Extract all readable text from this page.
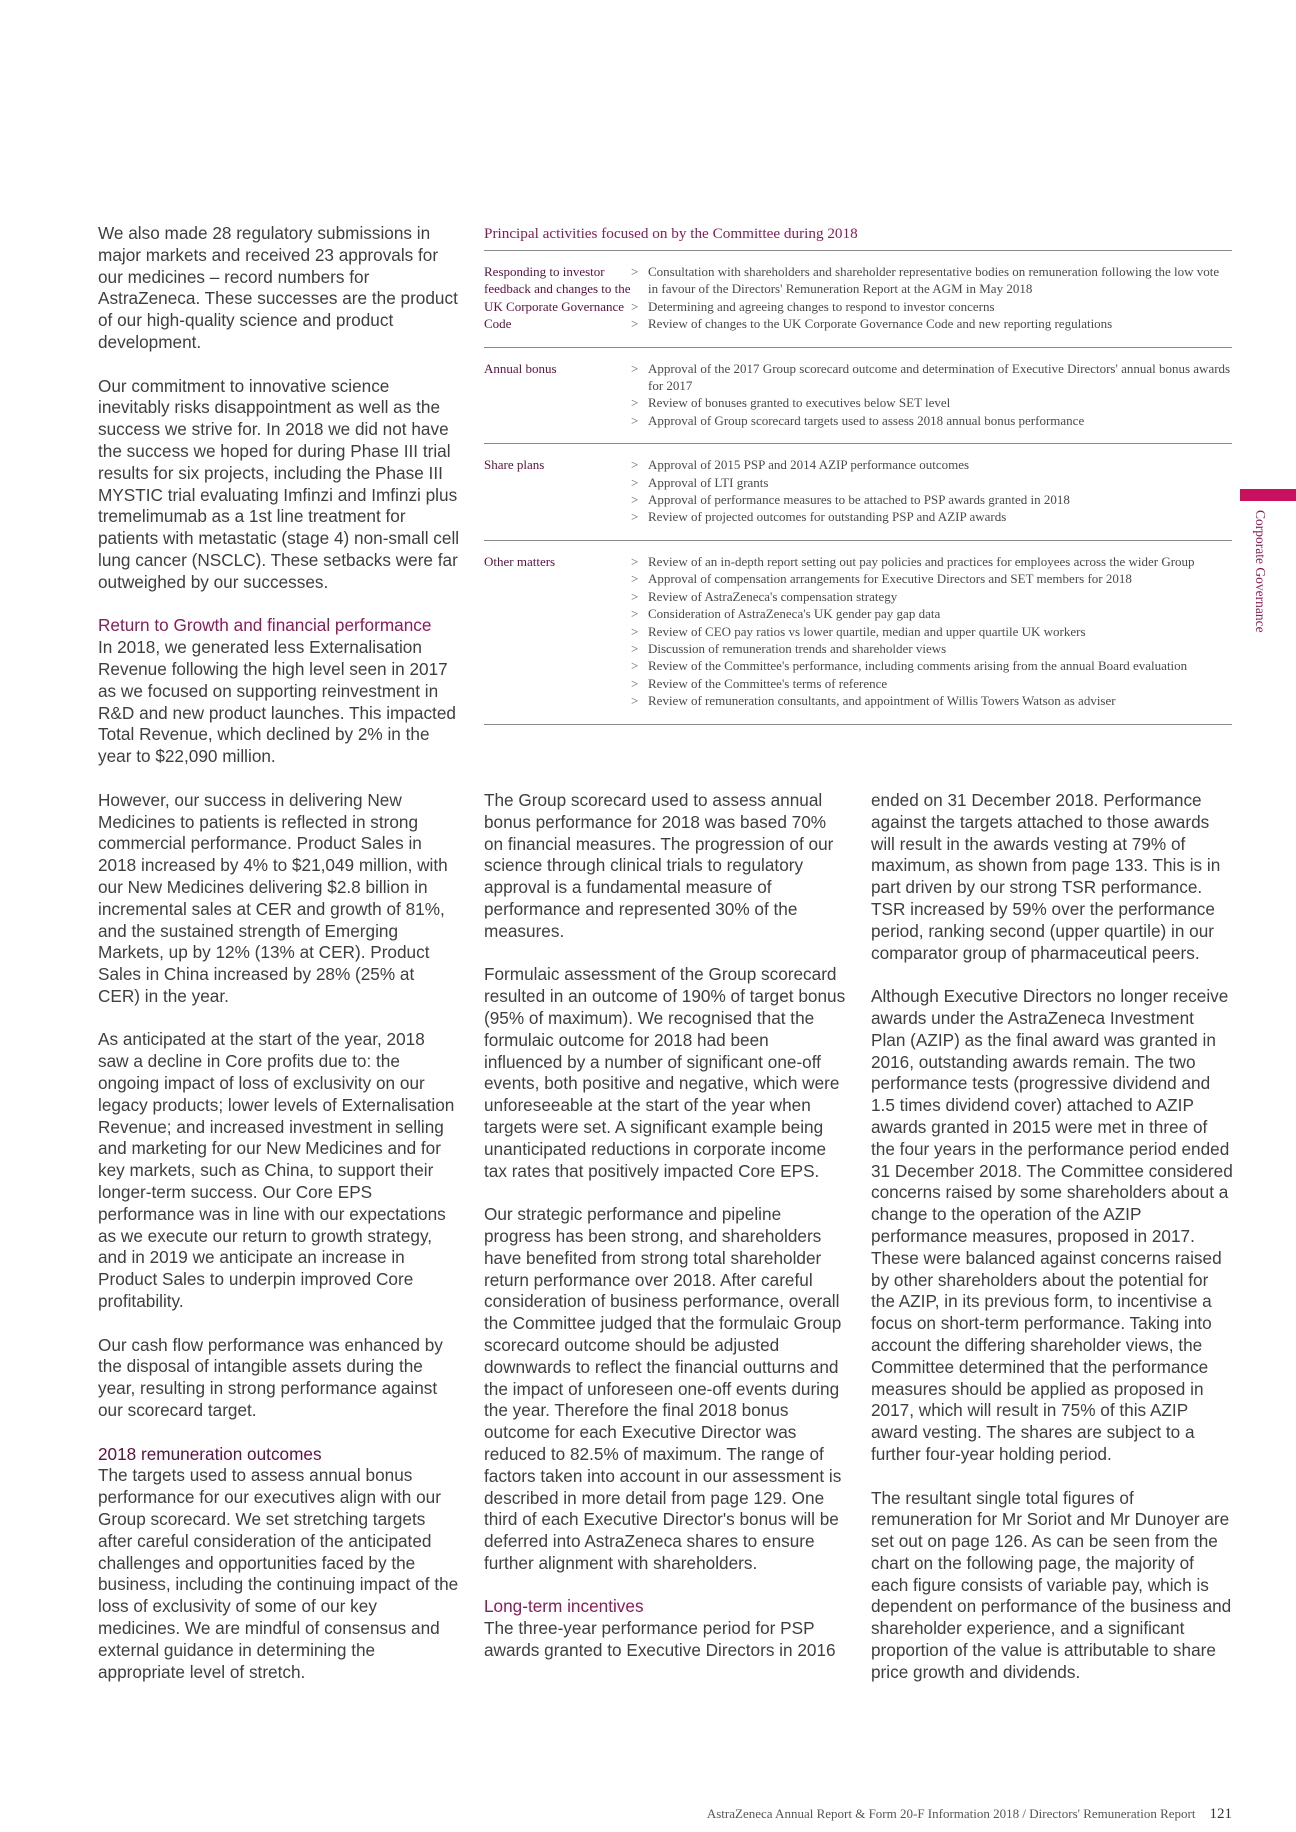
Corporate Governance

We also made 28 regulatory submissions in major markets and received 23 approvals for our medicines – record numbers for AstraZeneca. These successes are the product of our high-quality science and product development.

Our commitment to innovative science inevitably risks disappointment as well as the success we strive for. In 2018 we did not have the success we hoped for during Phase III trial results for six projects, including the Phase III MYSTIC trial evaluating Imfinzi and Imfinzi plus tremelimumab as a 1st line treatment for patients with metastatic (stage 4) non-small cell lung cancer (NSCLC). These setbacks were far outweighed by our successes.

Return to Growth and financial performance

In 2018, we generated less Externalisation Revenue following the high level seen in 2017 as we focused on supporting reinvestment in R&D and new product launches. This impacted Total Revenue, which declined by 2% in the year to $22,090 million.

However, our success in delivering New Medicines to patients is reflected in strong commercial performance. Product Sales in 2018 increased by 4% to $21,049 million, with our New Medicines delivering $2.8 billion in incremental sales at CER and growth of 81%, and the sustained strength of Emerging Markets, up by 12% (13% at CER). Product Sales in China increased by 28% (25% at CER) in the year.

As anticipated at the start of the year, 2018 saw a decline in Core profits due to: the ongoing impact of loss of exclusivity on our legacy products; lower levels of Externalisation Revenue; and increased investment in selling and marketing for our New Medicines and for key markets, such as China, to support their longer-term success. Our Core EPS performance was in line with our expectations as we execute our return to growth strategy, and in 2019 we anticipate an increase in Product Sales to underpin improved Core profitability.

Our cash flow performance was enhanced by the disposal of intangible assets during the year, resulting in strong performance against our scorecard target.

2018 remuneration outcomes

The targets used to assess annual bonus performance for our executives align with our Group scorecard. We set stretching targets after careful consideration of the anticipated challenges and opportunities faced by the business, including the continuing impact of the loss of exclusivity of some of our key medicines. We are mindful of consensus and external guidance in determining the appropriate level of stretch.

Principal activities focused on by the Committee during 2018
Responding to investor feedback and changes to the UK Corporate Governance Code
> Consultation with shareholders and shareholder representative bodies on remuneration following the low vote in favour of the Directors' Remuneration Report at the AGM in May 2018
> Determining and agreeing changes to respond to investor concerns
> Review of changes to the UK Corporate Governance Code and new reporting regulations
Annual bonus	> Approval of the 2017 Group scorecard outcome and determination of Executive Directors' annual bonus awards for 2017
> Review of bonuses granted to executives below SET level
> Approval of Group scorecard targets used to assess 2018 annual bonus performance
Share plans	> Approval of 2015 PSP and 2014 AZIP performance outcomes
> Approval of LTI grants
> Approval of performance measures to be attached to PSP awards granted in 2018
> Review of projected outcomes for outstanding PSP and AZIP awards
Other matters	> Review of an in-depth report setting out pay policies and practices for employees across the wider Group
> Approval of compensation arrangements for Executive Directors and SET members for 2018
> Review of AstraZeneca's compensation strategy
> Consideration of AstraZeneca's UK gender pay gap data
> Review of CEO pay ratios vs lower quartile, median and upper quartile UK workers
> Discussion of remuneration trends and shareholder views
> Review of the Committee's performance, including comments arising from the annual Board evaluation
> Review of the Committee's terms of reference
> Review of remuneration consultants, and appointment of Willis Towers Watson as adviser

The Group scorecard used to assess annual bonus performance for 2018 was based 70% on financial measures. The progression of our science through clinical trials to regulatory approval is a fundamental measure of performance and represented 30% of the measures.

Formulaic assessment of the Group scorecard resulted in an outcome of 190% of target bonus (95% of maximum). We recognised that the formulaic outcome for 2018 had been influenced by a number of significant one-off events, both positive and negative, which were unforeseeable at the start of the year when targets were set. A significant example being unanticipated reductions in corporate income tax rates that positively impacted Core EPS.

Our strategic performance and pipeline progress has been strong, and shareholders have benefited from strong total shareholder return performance over 2018. After careful consideration of business performance, overall the Committee judged that the formulaic Group scorecard outcome should be adjusted downwards to reflect the financial outturns and the impact of unforeseen one-off events during the year. Therefore the final 2018 bonus outcome for each Executive Director was reduced to 82.5% of maximum. The range of factors taken into account in our assessment is described in more detail from page 129. One third of each Executive Director's bonus will be deferred into AstraZeneca shares to ensure further alignment with shareholders.

Long-term incentives

The three-year performance period for PSP awards granted to Executive Directors in 2016

ended on 31 December 2018. Performance against the targets attached to those awards will result in the awards vesting at 79% of maximum, as shown from page 133. This is in part driven by our strong TSR performance. TSR increased by 59% over the performance period, ranking second (upper quartile) in our comparator group of pharmaceutical peers.

Although Executive Directors no longer receive awards under the AstraZeneca Investment Plan (AZIP) as the final award was granted in 2016, outstanding awards remain. The two performance tests (progressive dividend and 1.5 times dividend cover) attached to AZIP awards granted in 2015 were met in three of the four years in the performance period ended 31 December 2018. The Committee considered concerns raised by some shareholders about a change to the operation of the AZIP performance measures, proposed in 2017. These were balanced against concerns raised by other shareholders about the potential for the AZIP, in its previous form, to incentivise a focus on short-term performance. Taking into account the differing shareholder views, the Committee determined that the performance measures should be applied as proposed in 2017, which will result in 75% of this AZIP award vesting. The shares are subject to a further four-year holding period.

The resultant single total figures of remuneration for Mr Soriot and Mr Dunoyer are set out on page 126. As can be seen from the chart on the following page, the majority of each figure consists of variable pay, which is dependent on performance of the business and shareholder experience, and a significant proportion of the value is attributable to share price growth and dividends.

AstraZeneca Annual Report & Form 20-F Information 2018 / Directors' Remuneration Report 121
